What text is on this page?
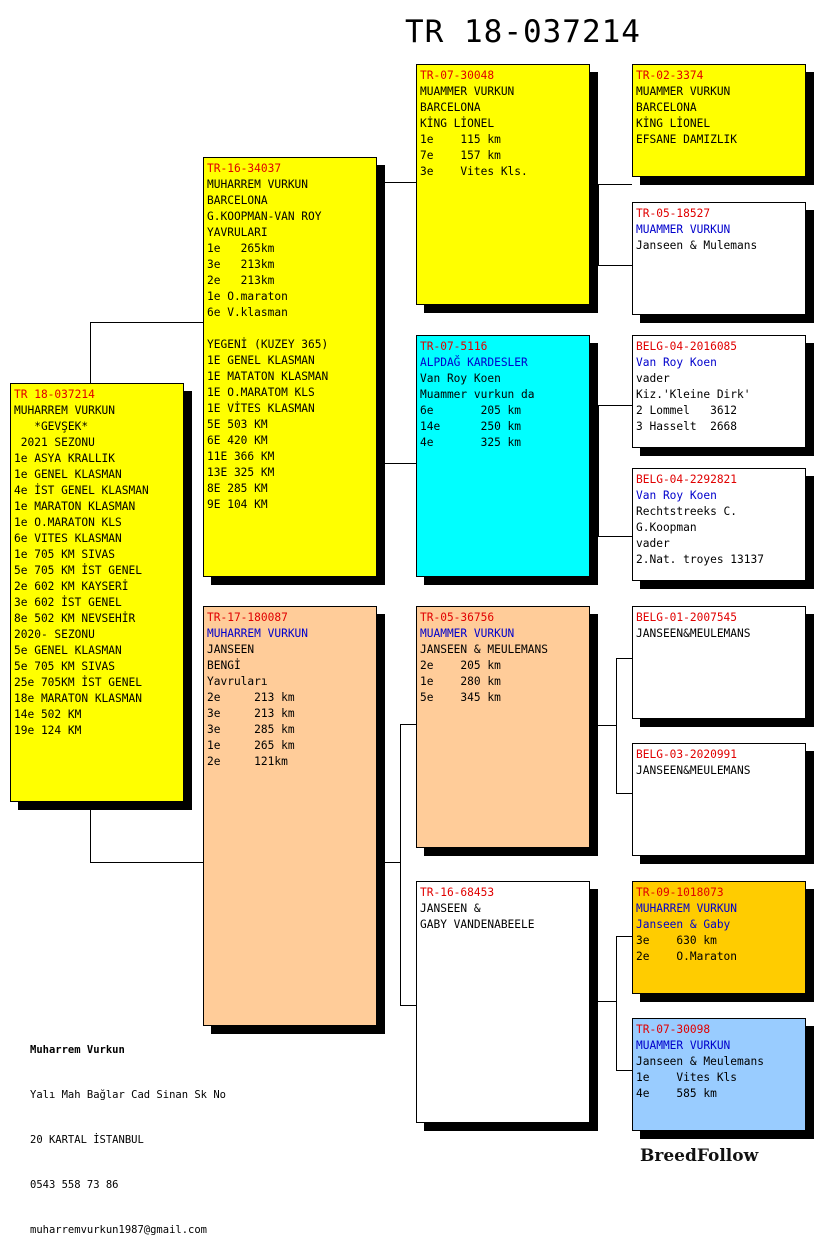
TR 18-037214
TR 18-037214
MUHARREM VURKUN
*GEVŞEK*
2021 SEZONU
1e ASYA KRALLIK
1e GENEL KLASMAN
4e İST GENEL KLASMAN
1e MARATON KLASMAN
1e O.MARATON KLS
6e VITES KLASMAN
1e 705 KM SIVAS
5e 705 KM İST GENEL
2e 602 KM KAYSERİ
3e 602 İST GENEL
8e 502 KM NEVSEHİR
2020- SEZONU
5e GENEL KLASMAN
5e 705 KM SIVAS
25e 705KM İST GENEL
18e MARATON KLASMAN
14e 502 KM
19e 124 KM
TR-16-34037
MUHARREM VURKUN
BARCELONA
G.KOOPMAN-VAN ROY
YAVRULARI
1e   265km
3e   213km
2e   213km
1e O.maraton
6e V.klasman
YEGENİ (KUZEY 365)
1E GENEL KLASMAN
1E MATATON KLASMAN
1E O.MARATOM KLS
1E VİTES KLASMAN
5E 503 KM
6E 420 KM
11E 366 KM
13E 325 KM
8E 285 KM
9E 104 KM
TR-17-180087
MUHARREM VURKUN
JANSEEN
BENGİ
Yavruları
2e     213 km
3e     213 km
3e     285 km
1e     265 km
2e     121km
TR-07-30048
MUAMMER VURKUN
BARCELONA
KİNG LİONEL
1e    115 km
7e    157 km
3e    Vites Kls.
TR-07-5116
ALPDAĞ KARDESLER
Van Roy Koen
Muammer vurkun da
6e       205 km
14e      250 km
4e       325 km
TR-05-36756
MUAMMER VURKUN
JANSEEN & MEULEMANS
2e    205 km
1e    280 km
5e    345 km
TR-16-68453
JANSEEN &
GABY VANDENABEELE
TR-02-3374
MUAMMER VURKUN
BARCELONA
KİNG LİONEL
EFSANE DAMIZLIK
TR-05-18527
MUAMMER VURKUN
Janseen & Mulemans
BELG-04-2016085
Van Roy Koen
vader
Kiz.'Kleine Dirk'
2 Lommel   3612
3 Hasselt  2668
BELG-04-2292821
Van Roy Koen
Rechtstreeks C.
G.Koopman
vader
2.Nat. troyes 13137
BELG-01-2007545
JANSEEN&MEULEMANS
BELG-03-2020991
JANSEEN&MEULEMANS
TR-09-1018073
MUHARREM VURKUN
Janseen & Gaby
3e    630 km
2e    O.Maraton
TR-07-30098
MUAMMER VURKUN
Janseen & Meulemans
1e    Vites Kls
4e    585 km

Muharrem Vurkun

Yalı Mah Bağlar Cad Sinan Sk No

20 KARTAL İSTANBUL

0543 558 73 86

muharremvurkun1987@gmail.com

BreedFollow
